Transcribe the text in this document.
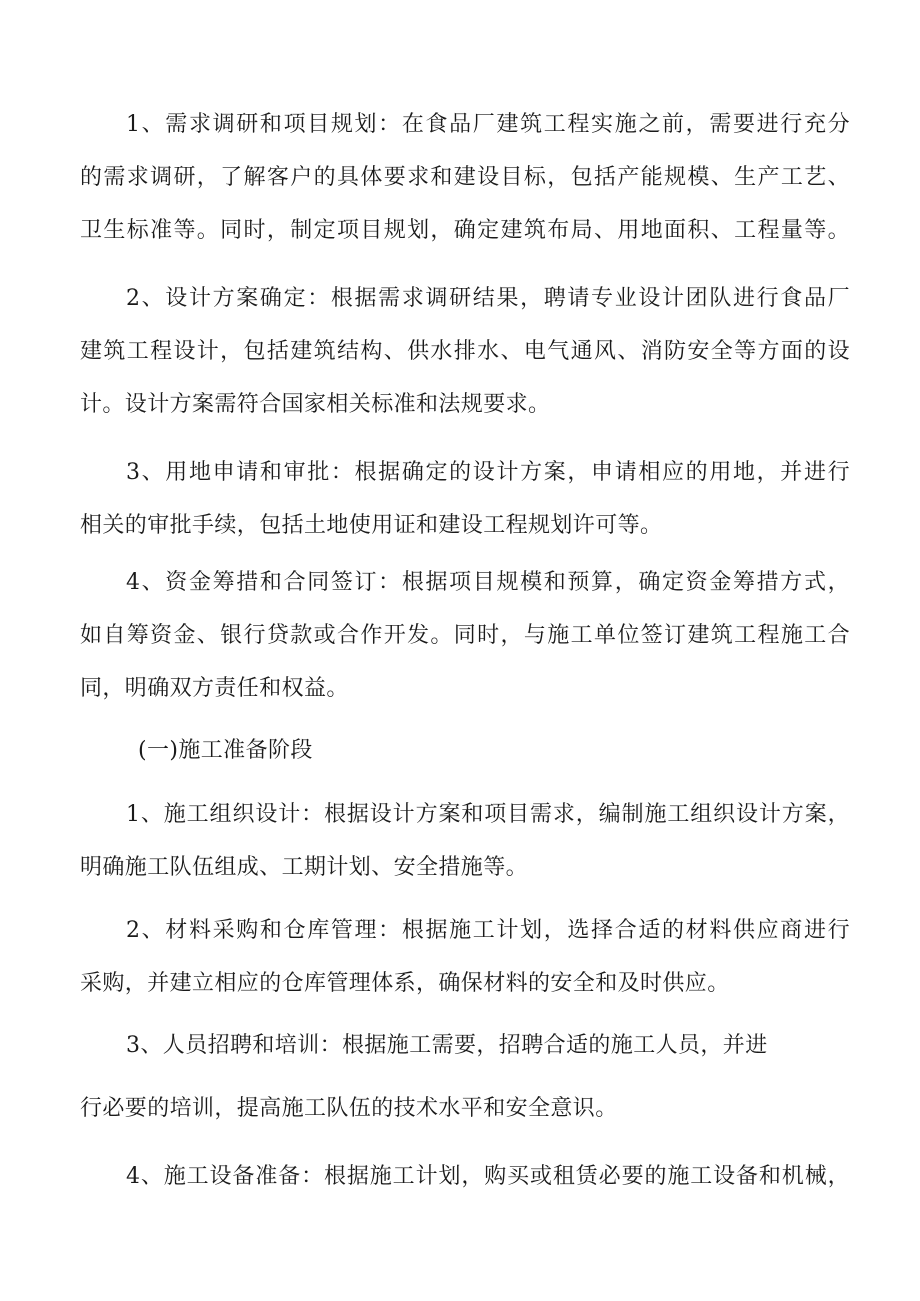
1、需求调研和项目规划：在食品厂建筑工程实施之前，需要进行充分
的需求调研，了解客户的具体要求和建设目标，包括产能规模、生产工艺、
卫生标准等。同时，制定项目规划，确定建筑布局、用地面积、工程量等。
2、设计方案确定：根据需求调研结果，聘请专业设计团队进行食品厂
建筑工程设计，包括建筑结构、供水排水、电气通风、消防安全等方面的设
计。设计方案需符合国家相关标准和法规要求。
3、用地申请和审批：根据确定的设计方案，申请相应的用地，并进行
相关的审批手续，包括土地使用证和建设工程规划许可等。
4、资金筹措和合同签订：根据项目规模和预算，确定资金筹措方式，
如自筹资金、银行贷款或合作开发。同时，与施工单位签订建筑工程施工合
同，明确双方责任和权益。
(一)施工准备阶段
1、施工组织设计：根据设计方案和项目需求，编制施工组织设计方案，
明确施工队伍组成、工期计划、安全措施等。
2、材料采购和仓库管理：根据施工计划，选择合适的材料供应商进行
采购，并建立相应的仓库管理体系，确保材料的安全和及时供应。
3、人员招聘和培训：根据施工需要，招聘合适的施工人员，并进
行必要的培训，提高施工队伍的技术水平和安全意识。
4、施工设备准备：根据施工计划，购买或租赁必要的施工设备和机械，
